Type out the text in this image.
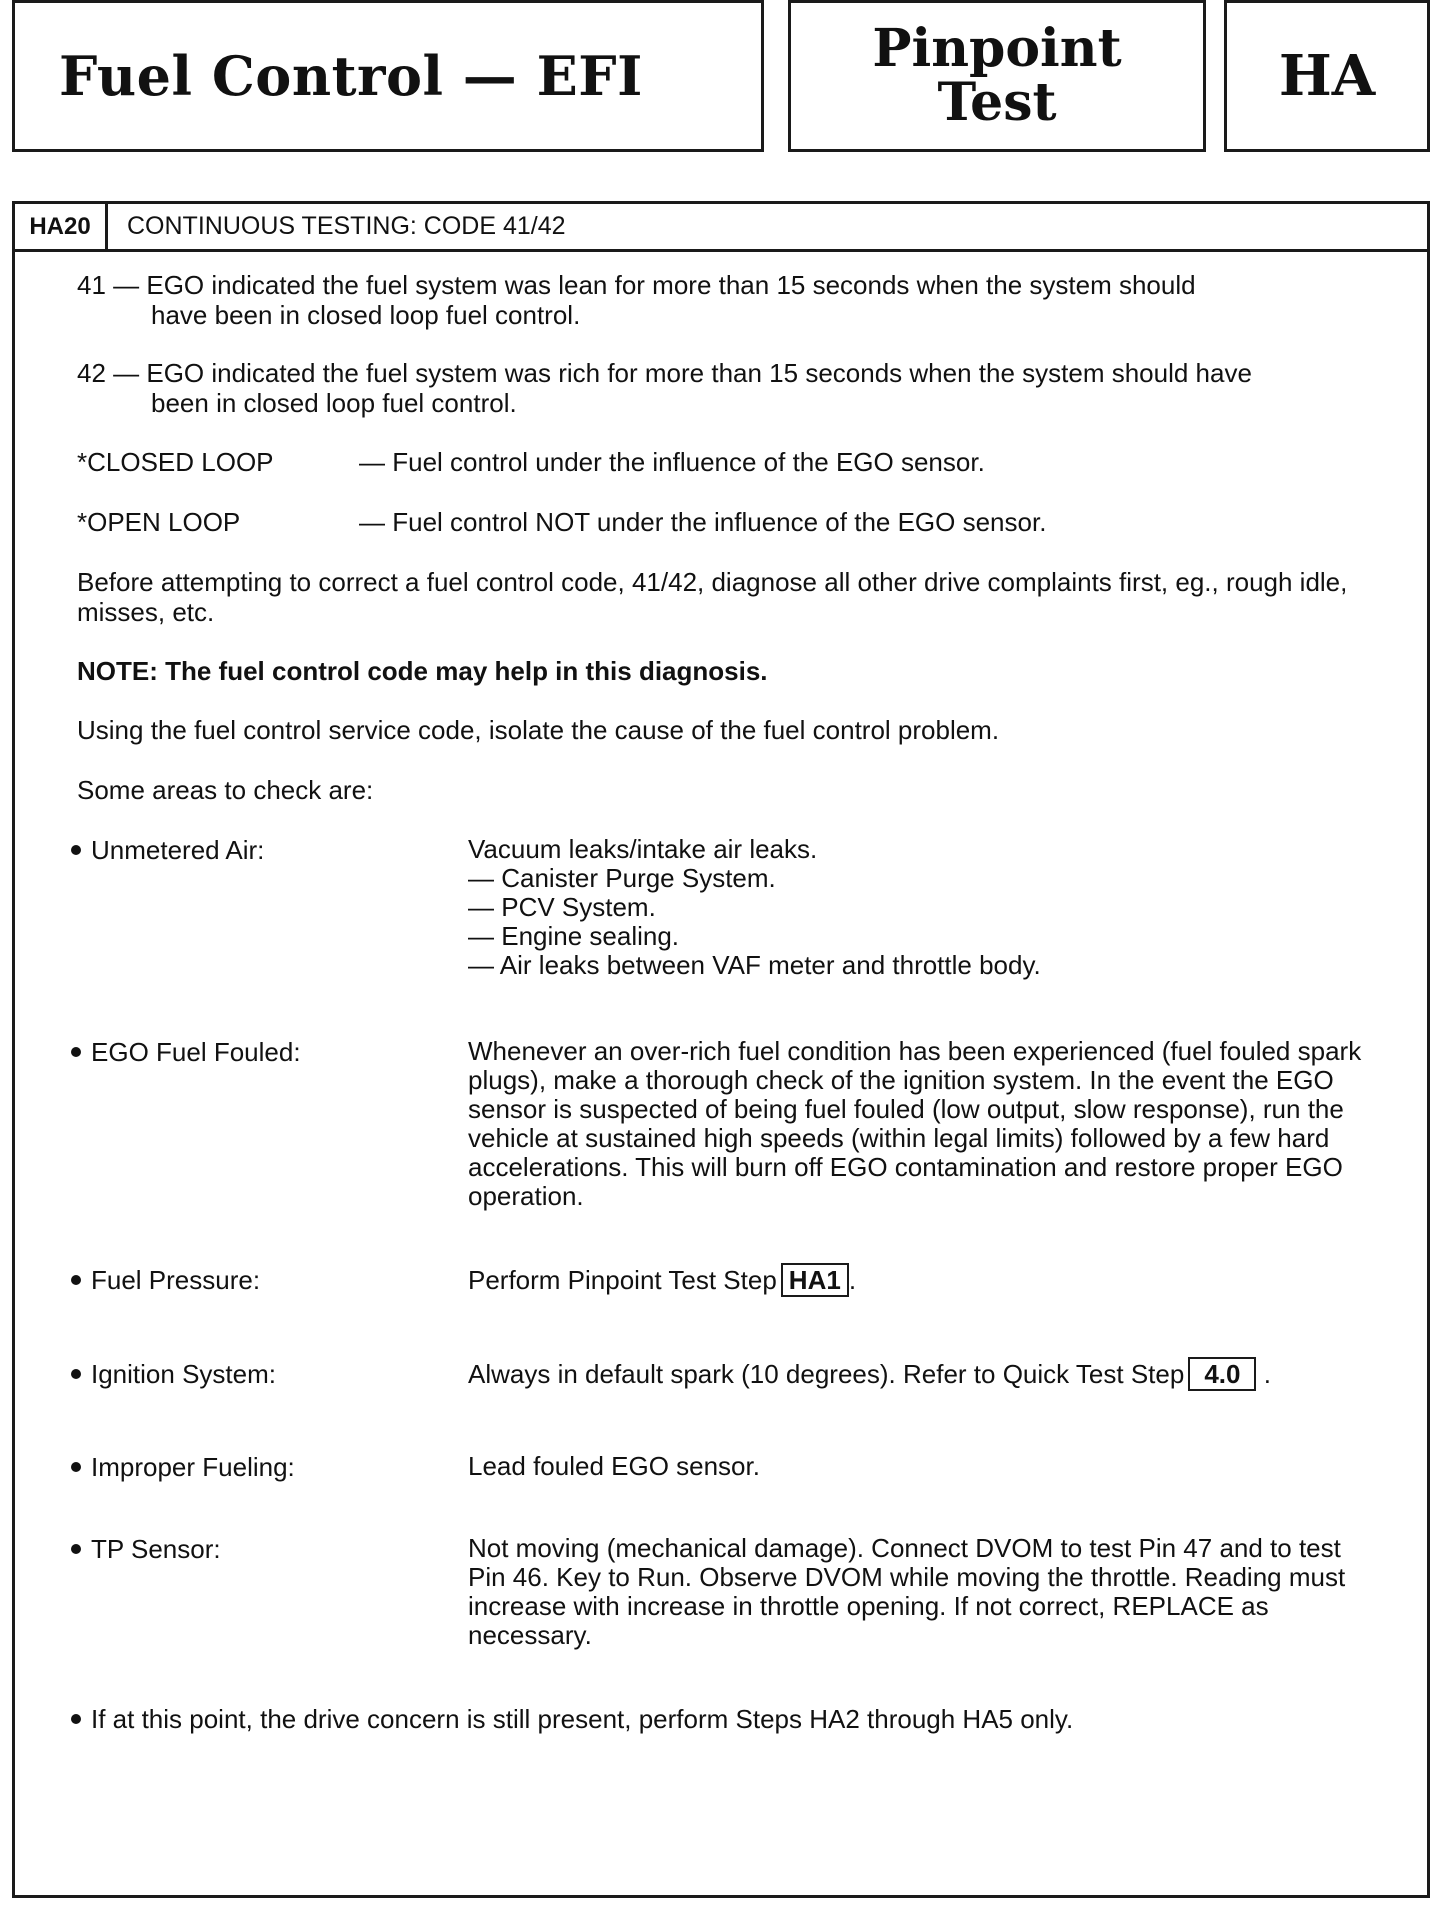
Fuel Control — EFI	Pinpoint
Test	HA
HA20	CONTINUOUS TESTING: CODE 41/42

41 — EGO indicated the fuel system was lean for more than 15 seconds when the system should
have been in closed loop fuel control.

42 — EGO indicated the fuel system was rich for more than 15 seconds when the system should have
been in closed loop fuel control.

*CLOSED LOOP	— Fuel control under the influence of the EGO sensor.
*OPEN LOOP	— Fuel control NOT under the influence of the EGO sensor.

Before attempting to correct a fuel control code, 41/42, diagnose all other drive complaints first, eg., rough idle, misses, etc.

NOTE: The fuel control code may help in this diagnosis.

Using the fuel control service code, isolate the cause of the fuel control problem.

Some areas to check are:

Unmetered Air:	Vacuum leaks/intake air leaks.
— Canister Purge System.
— PCV System.
— Engine sealing.
— Air leaks between VAF meter and throttle body.
EGO Fuel Fouled:	Whenever an over-rich fuel condition has been experienced (fuel fouled spark plugs), make a thorough check of the ignition system. In the event the EGO sensor is suspected of being fuel fouled (low output, slow response), run the vehicle at sustained high speeds (within legal limits) followed by a few hard accelerations. This will burn off EGO contamination and restore proper EGO operation.

Fuel Pressure:	Perform Pinpoint Test Step HA1 .

Ignition System:	Always in default spark (10 degrees). Refer to Quick Test Step 4.0 .

Improper Fueling:	Lead fouled EGO sensor.

TP Sensor:	Not moving (mechanical damage). Connect DVOM to test Pin 47 and to test Pin 46. Key to Run. Observe DVOM while moving the throttle. Reading must increase with increase in throttle opening. If not correct, REPLACE as necessary.

If at this point, the drive concern is still present, perform Steps HA2 through HA5 only.
